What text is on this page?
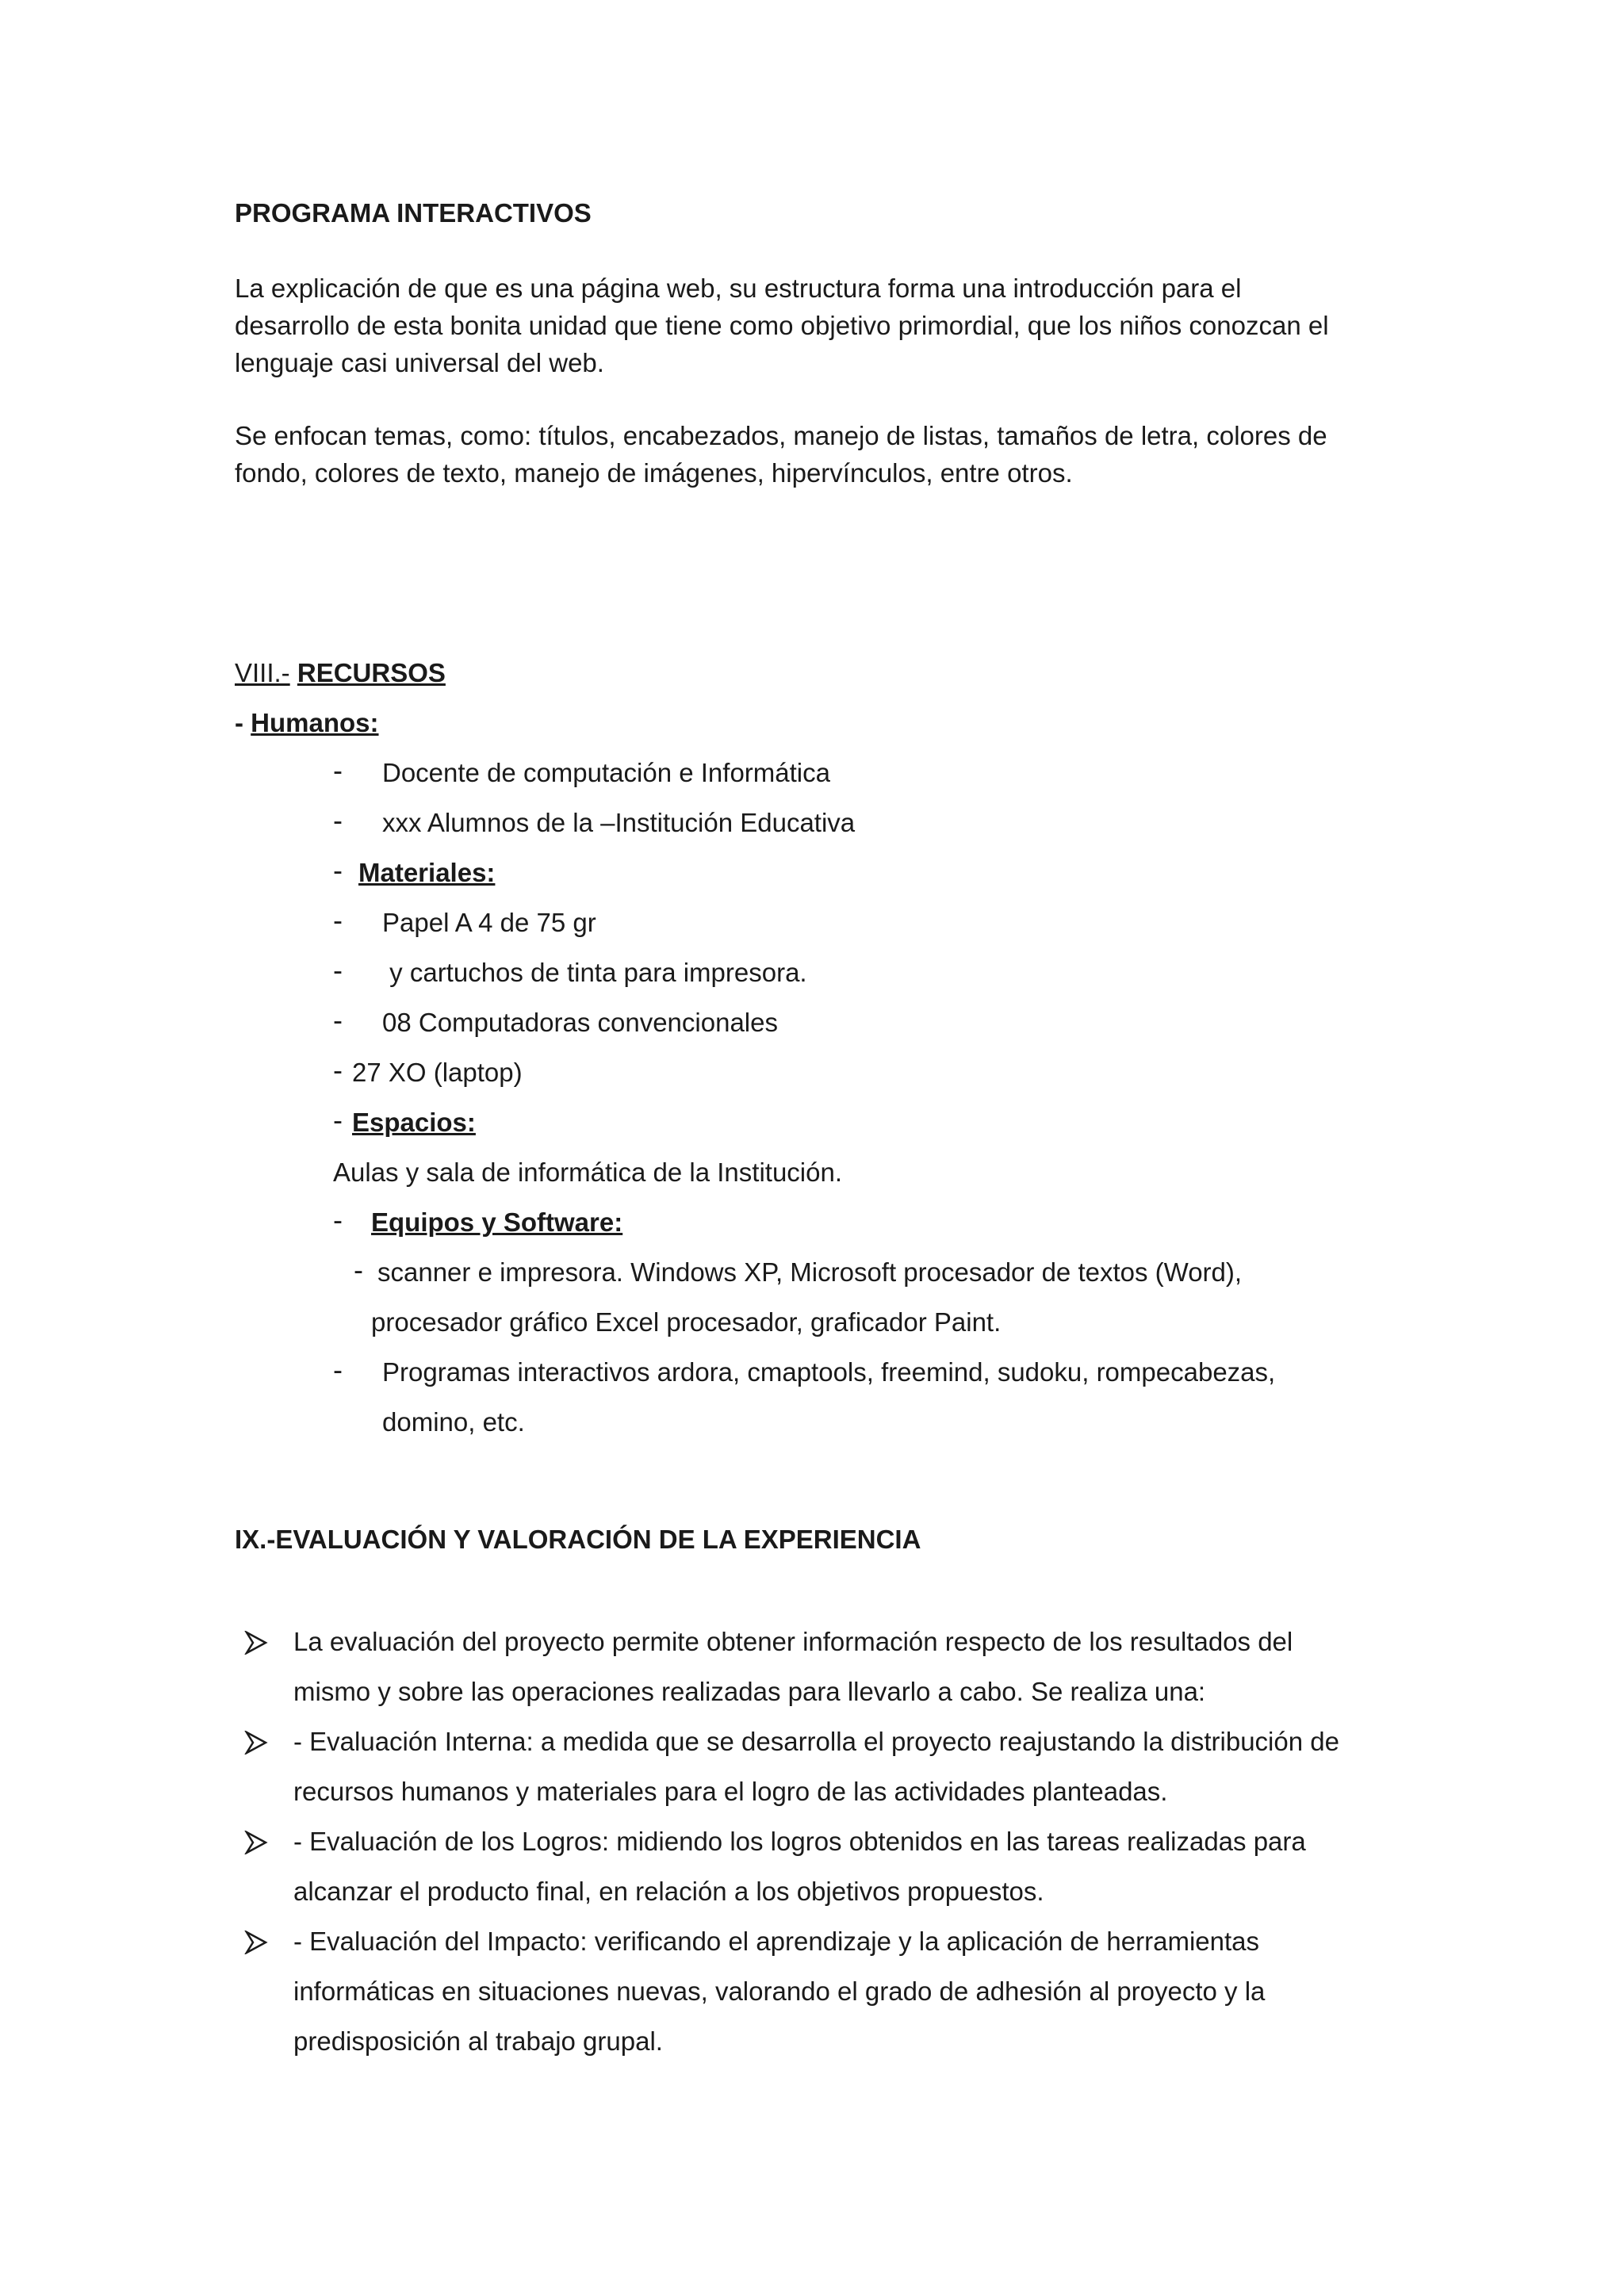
PROGRAMA INTERACTIVOS
La explicación de que es una página web, su estructura forma una introducción para el
desarrollo de esta bonita unidad que tiene como objetivo primordial, que los niños conozcan el
lenguaje casi universal del web.
Se enfocan temas, como: títulos, encabezados, manejo de listas, tamaños de letra, colores de
fondo, colores de texto, manejo de imágenes, hipervínculos, entre otros.
VIII.- RECURSOS
- Humanos:
- Docente de computación e Informática
- xxx Alumnos de la –Institución Educativa
- Materiales:
- Papel A 4 de 75 gr
- y cartuchos de tinta para impresora.
- 08 Computadoras convencionales
- 27 XO (laptop)
- Espacios:
Aulas y sala de informática de la Institución.
- Equipos y Software:
- scanner e impresora. Windows XP, Microsoft procesador de textos (Word),
procesador gráfico Excel procesador, graficador Paint.
- Programas interactivos ardora, cmaptools, freemind, sudoku, rompecabezas,
domino, etc.
IX.-EVALUACIÓN Y VALORACIÓN DE LA EXPERIENCIA
La evaluación del proyecto permite obtener información respecto de los resultados del
mismo y sobre las operaciones realizadas para llevarlo a cabo. Se realiza una:
- Evaluación Interna: a medida que se desarrolla el proyecto reajustando la distribución de
recursos humanos y materiales para el logro de las actividades planteadas.
- Evaluación de los Logros: midiendo los logros obtenidos en las tareas realizadas para
alcanzar el producto final, en relación a los objetivos propuestos.
- Evaluación del Impacto: verificando el aprendizaje y la aplicación de herramientas
informáticas en situaciones nuevas, valorando el grado de adhesión al proyecto y la
predisposición al trabajo grupal.
